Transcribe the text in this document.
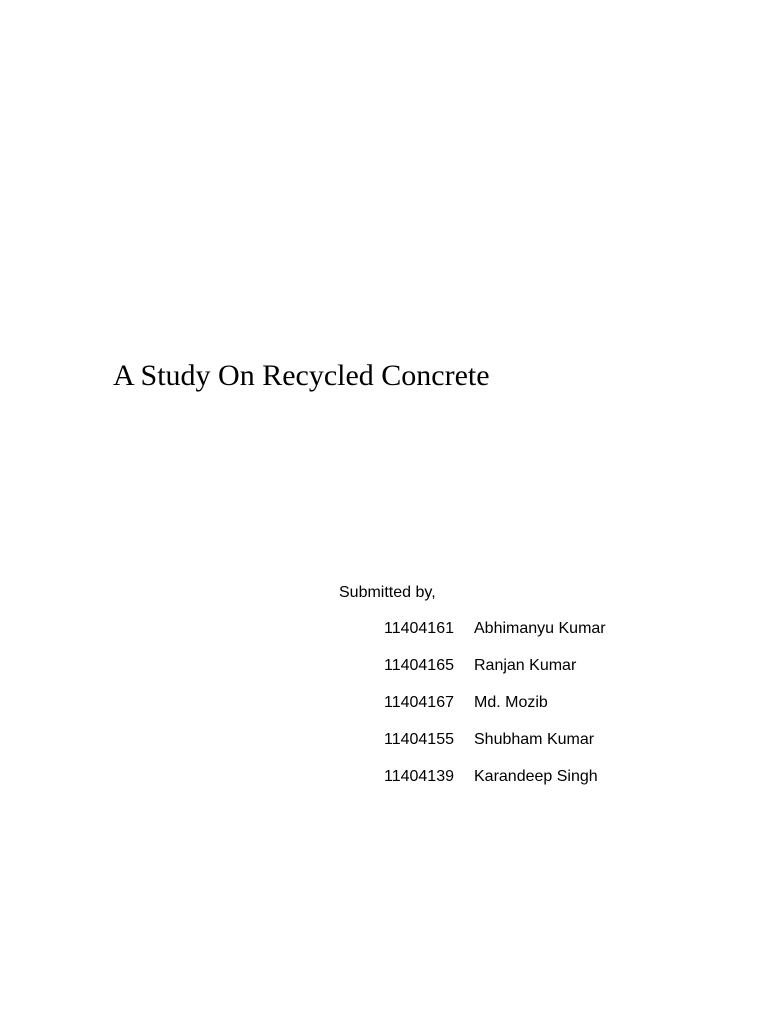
A Study On Recycled Concrete
Submitted by,
11404161	Abhimanyu Kumar
11404165	Ranjan Kumar
11404167	Md. Mozib
11404155	Shubham Kumar
11404139	Karandeep Singh
